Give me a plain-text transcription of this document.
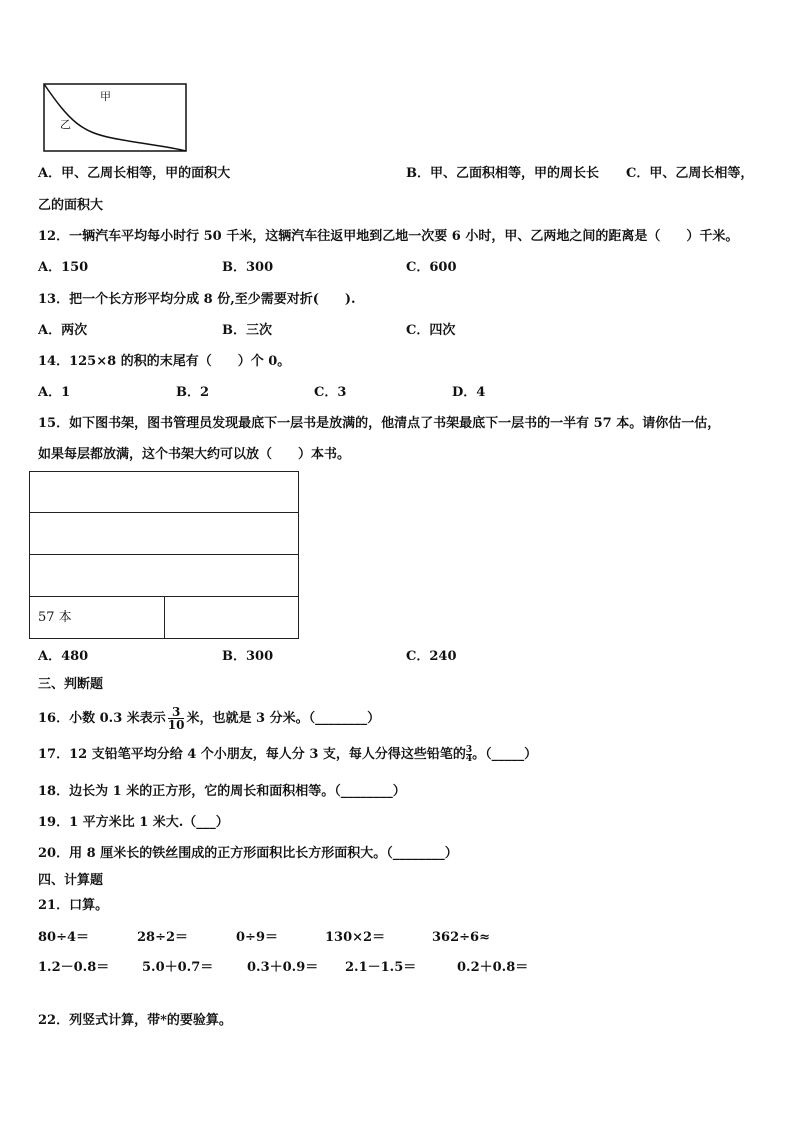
甲
乙
A．甲、乙周长相等，甲的面积大	B．甲、乙面积相等，甲的周长长 C．甲、乙周长相等，
乙的面积大
12．一辆汽车平均每小时行 50 千米，这辆汽车往返甲地到乙地一次要 6 小时，甲、乙两地之间的距离是（　　）千米。
A．150	B．300	C．600
13．把一个长方形平均分成 8 份,至少需要对折(　　).
A．两次	B．三次	C．四次
14．125×8 的积的末尾有（　　）个 0。
A．1	B．2	C．3	D．4
15．如下图书架，图书管理员发现最底下一层书是放满的，他清点了书架最底下一层书的一半有 57 本。请你估一估，
如果每层都放满，这个书架大约可以放（　　）本书。
57 本
A．480	B．300	C．240
三、判断题
16．小数 0.3 米表示 $\frac{3}{10}$ 米，也就是 3 分米。（________）
17．12 支铅笔平均分给 4 个小朋友，每人分 3 支，每人分得这些铅笔的 $\frac{3}{4}$ 。（_____）
18．边长为 1 米的正方形，它的周长和面积相等。（________）
19．1 平方米比 1 米大.（___）
20．用 8 厘米长的铁丝围成的正方形面积比长方形面积大。（________）
四、计算题
21．口算。
80÷4＝	28÷2＝	0÷9＝	130×2＝	362÷6≈
1.2－0.8＝	5.0＋0.7＝	0.3＋0.9＝ 2.1－1.5＝	0.2＋0.8＝
22．列竖式计算，带*的要验算。
